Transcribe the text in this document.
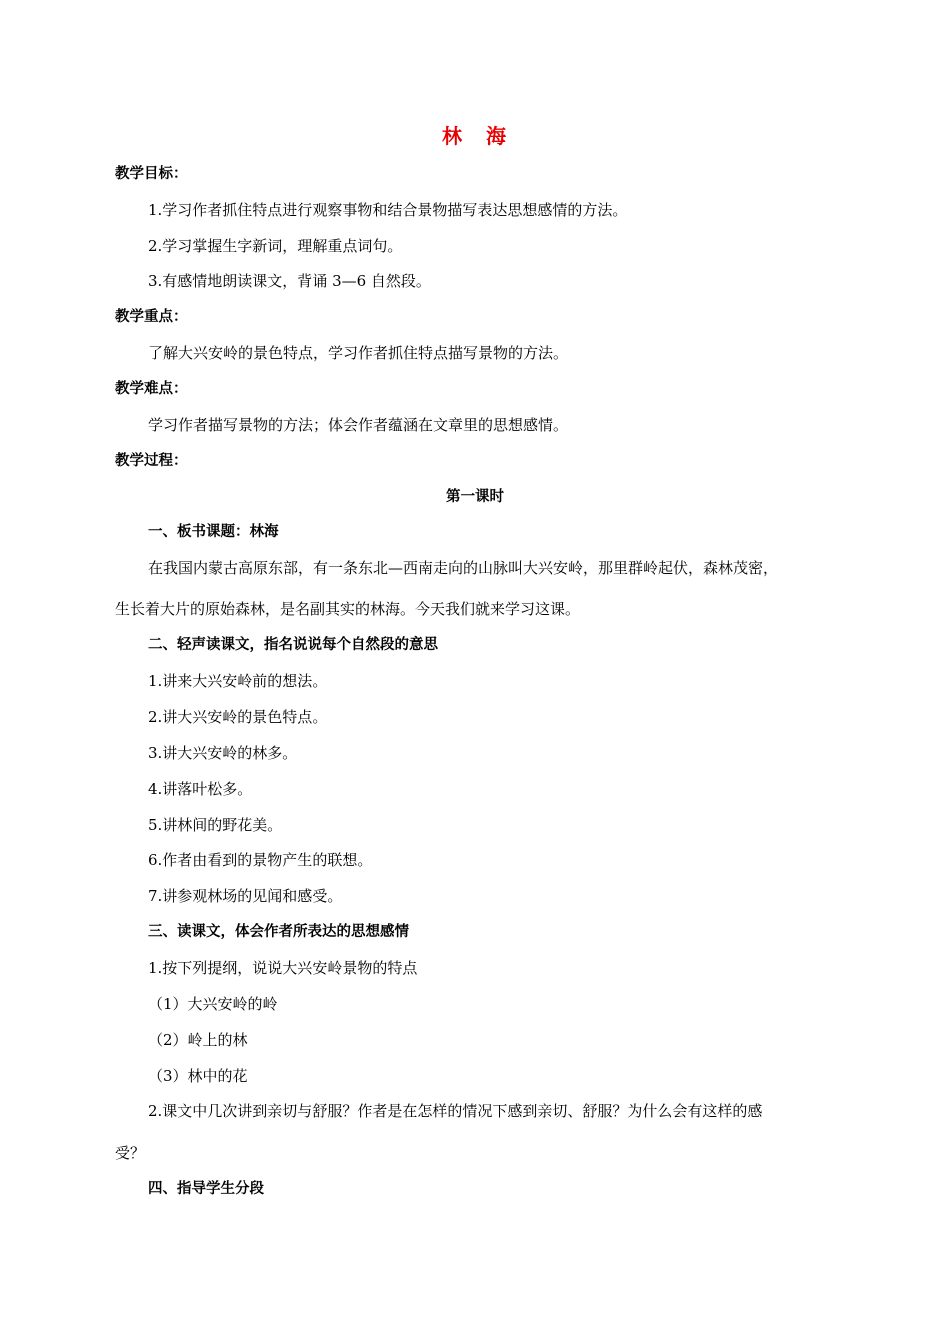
林　海
教学目标：
1.学习作者抓住特点进行观察事物和结合景物描写表达思想感情的方法。
2.学习掌握生字新词，理解重点词句。
3.有感情地朗读课文，背诵 3—6 自然段。
教学重点：
了解大兴安岭的景色特点，学习作者抓住特点描写景物的方法。
教学难点：
学习作者描写景物的方法；体会作者蕴涵在文章里的思想感情。
教学过程：
第一课时
一、板书课题：林海
在我国内蒙古高原东部，有一条东北—西南走向的山脉叫大兴安岭，那里群岭起伏，森林茂密，
生长着大片的原始森林，是名副其实的林海。今天我们就来学习这课。
二、轻声读课文，指名说说每个自然段的意思
1.讲来大兴安岭前的想法。
2.讲大兴安岭的景色特点。
3.讲大兴安岭的林多。
4.讲落叶松多。
5.讲林间的野花美。
6.作者由看到的景物产生的联想。
7.讲参观林场的见闻和感受。
三、读课文，体会作者所表达的思想感情
1.按下列提纲，说说大兴安岭景物的特点
（1）大兴安岭的岭
（2）岭上的林
（3）林中的花
2.课文中几次讲到亲切与舒服？作者是在怎样的情况下感到亲切、舒服？为什么会有这样的感
受？
四、指导学生分段
